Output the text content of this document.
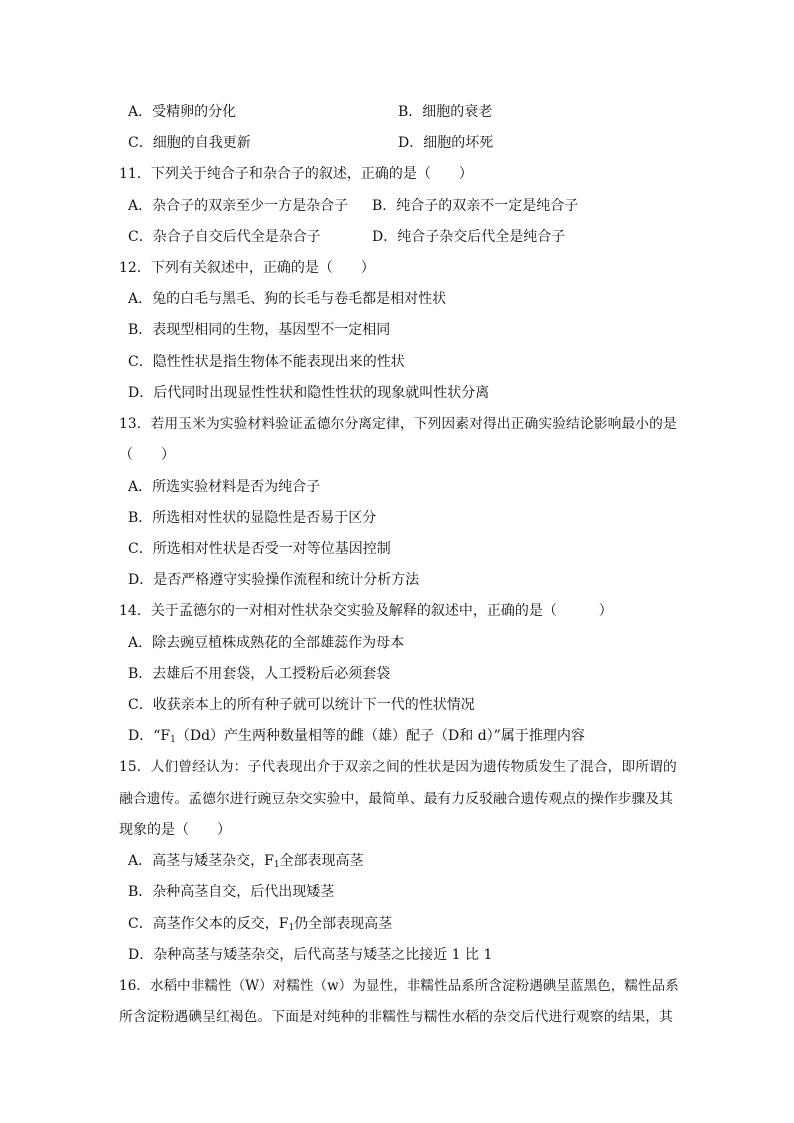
A．受精卵的分化	B．细胞的衰老
C．细胞的自我更新	D．细胞的坏死
11．下列关于纯合子和杂合子的叙述，正确的是（　　）
A．杂合子的双亲至少一方是杂合子 B．纯合子的双亲不一定是纯合子
C．杂合子自交后代全是杂合子	D．纯合子杂交后代全是纯合子
12．下列有关叙述中，正确的是（　　）
A．兔的白毛与黑毛、狗的长毛与卷毛都是相对性状
B．表现型相同的生物，基因型不一定相同
C．隐性性状是指生物体不能表现出来的性状
D．后代同时出现显性性状和隐性性状的现象就叫性状分离
13．若用玉米为实验材料验证孟德尔分离定律，下列因素对得出正确实验结论影响最小的是
（　　）
A．所选实验材料是否为纯合子
B．所选相对性状的显隐性是否易于区分
C．所选相对性状是否受一对等位基因控制
D．是否严格遵守实验操作流程和统计分析方法
14．关于孟德尔的一对相对性状杂交实验及解释的叙述中，正确的是（　　　）
A．除去豌豆植株成熟花的全部雄蕊作为母本
B．去雄后不用套袋，人工授粉后必须套袋
C．收获亲本上的所有种子就可以统计下一代的性状情况
D．“$F_1(Dd)$产生两种数量相等的雌（雄）配子（D和 d）”属于推理内容
15．人们曾经认为：子代表现出介于双亲之间的性状是因为遗传物质发生了混合，即所谓的
融合遗传。孟德尔进行豌豆杂交实验中，最简单、最有力反驳融合遗传观点的操作步骤及其
现象的是（　　）
A．高茎与矮茎杂交，$F_1$全部表现高茎
B．杂种高茎自交，后代出现矮茎
C．高茎作父本的反交，$F_1$仍全部表现高茎
D．杂种高茎与矮茎杂交，后代高茎与矮茎之比接近 1 比 1
16．水稻中非糯性（W）对糯性（w）为显性，非糯性品系所含淀粉遇碘呈蓝黑色，糯性品系
所含淀粉遇碘呈红褐色。下面是对纯种的非糯性与糯性水稻的杂交后代进行观察的结果，其
